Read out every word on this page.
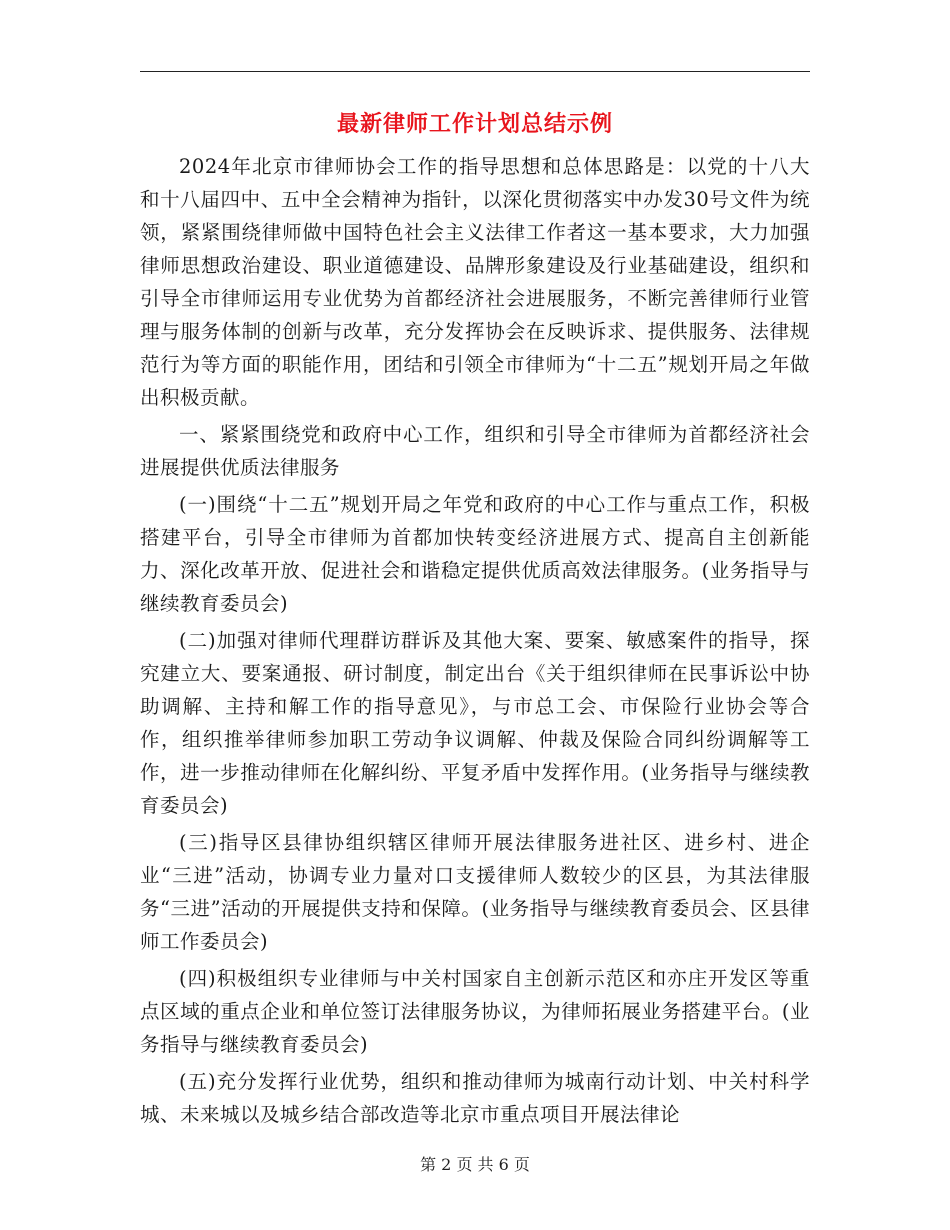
最新律师工作计划总结示例

2024年北京市律师协会工作的指导思想和总体思路是：以党的十八大和十八届四中、五中全会精神为指针，以深化贯彻落实中办发30号文件为统领，紧紧围绕律师做中国特色社会主义法律工作者这一基本要求，大力加强律师思想政治建设、职业道德建设、品牌形象建设及行业基础建设，组织和引导全市律师运用专业优势为首都经济社会进展服务，不断完善律师行业管理与服务体制的创新与改革，充分发挥协会在反映诉求、提供服务、法律规范行为等方面的职能作用，团结和引领全市律师为“十二五”规划开局之年做出积极贡献。

一、紧紧围绕党和政府中心工作，组织和引导全市律师为首都经济社会进展提供优质法律服务

(一)围绕“十二五”规划开局之年党和政府的中心工作与重点工作，积极搭建平台，引导全市律师为首都加快转变经济进展方式、提高自主创新能力、深化改革开放、促进社会和谐稳定提供优质高效法律服务。(业务指导与继续教育委员会)

(二)加强对律师代理群访群诉及其他大案、要案、敏感案件的指导，探究建立大、要案通报、研讨制度，制定出台《关于组织律师在民事诉讼中协助调解、主持和解工作的指导意见》，与市总工会、市保险行业协会等合作，组织推举律师参加职工劳动争议调解、仲裁及保险合同纠纷调解等工作，进一步推动律师在化解纠纷、平复矛盾中发挥作用。(业务指导与继续教育委员会)

(三)指导区县律协组织辖区律师开展法律服务进社区、进乡村、进企业“三进”活动，协调专业力量对口支援律师人数较少的区县，为其法律服务“三进”活动的开展提供支持和保障。(业务指导与继续教育委员会、区县律师工作委员会)

(四)积极组织专业律师与中关村国家自主创新示范区和亦庄开发区等重点区域的重点企业和单位签订法律服务协议，为律师拓展业务搭建平台。(业务指导与继续教育委员会)

(五)充分发挥行业优势，组织和推动律师为城南行动计划、中关村科学城、未来城以及城乡结合部改造等北京市重点项目开展法律论

第 2 页 共 6 页
